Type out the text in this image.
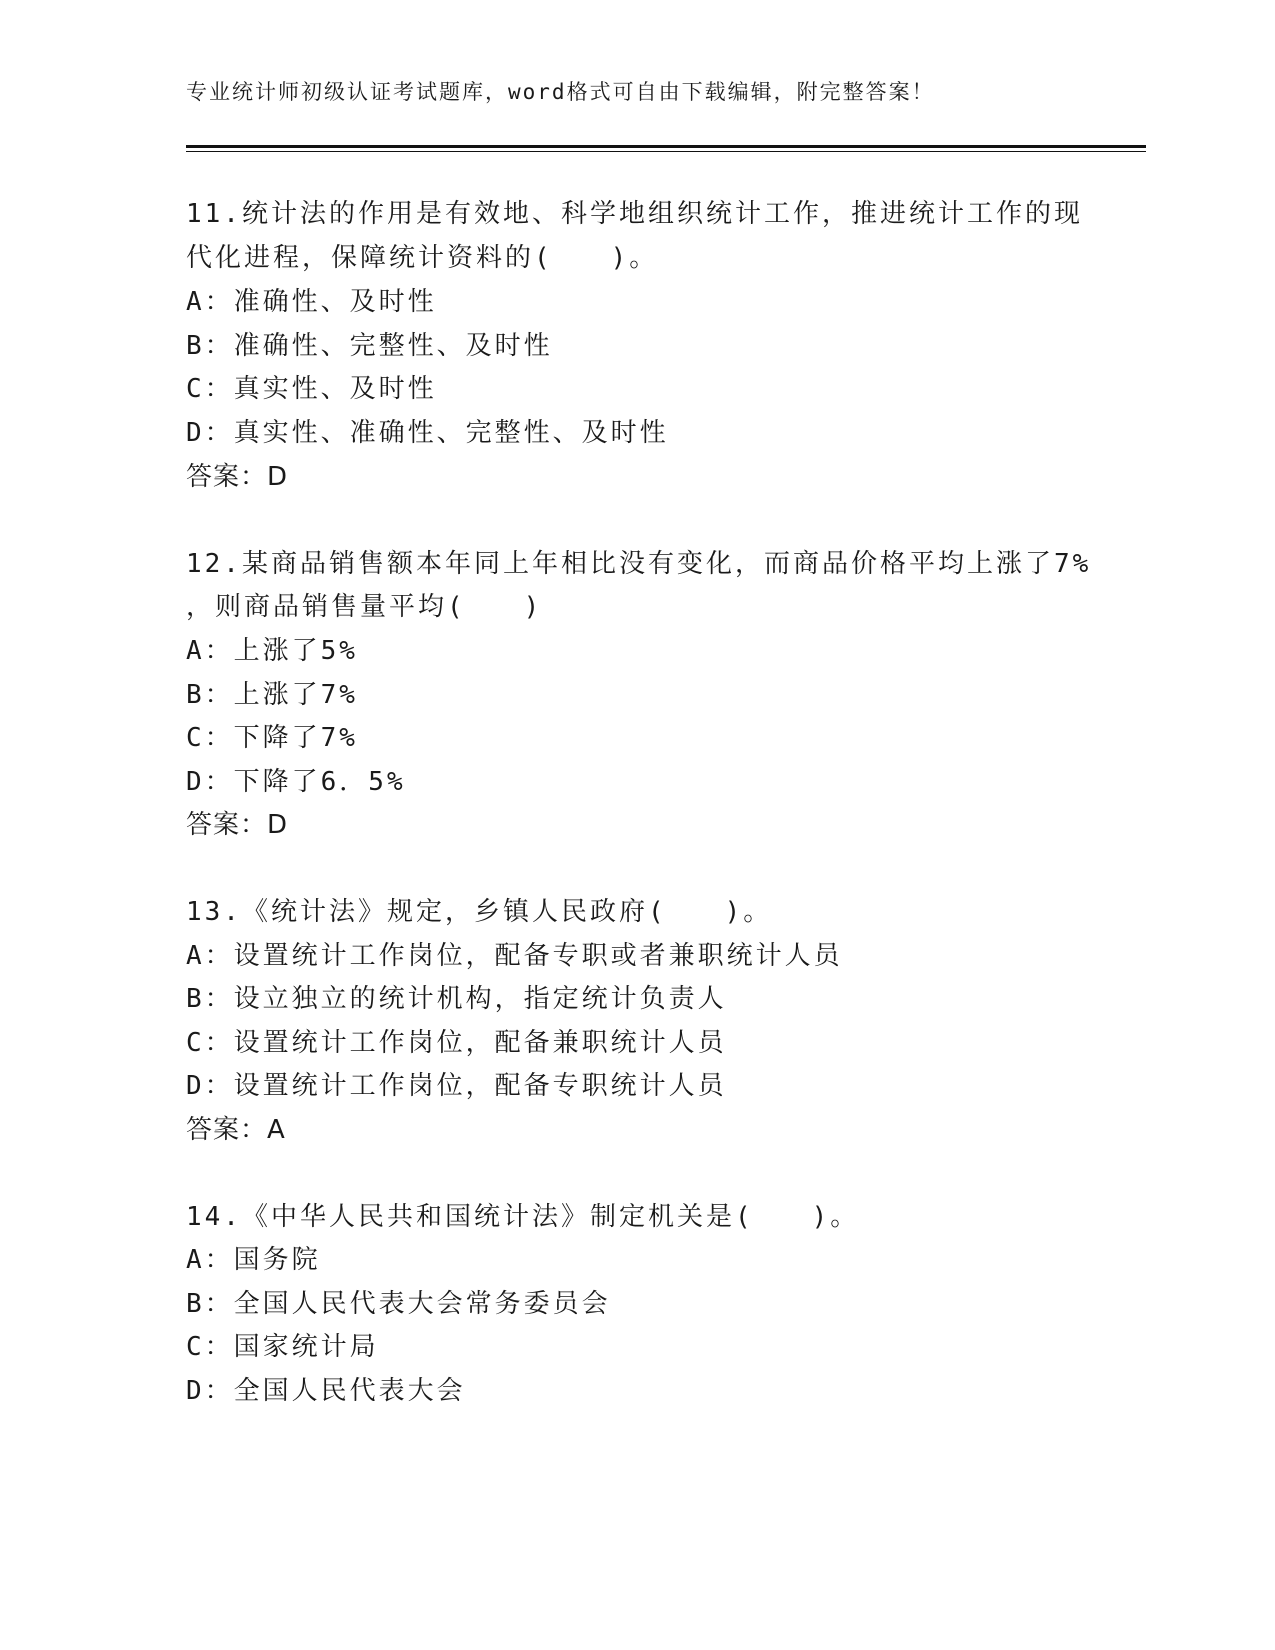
专业统计师初级认证考试题库，word格式可自由下载编辑，附完整答案！
11.统计法的作用是有效地、科学地组织统计工作，推进统计工作的现
代化进程，保障统计资料的(　　)。
A：准确性、及时性
B：准确性、完整性、及时性
C：真实性、及时性
D：真实性、准确性、完整性、及时性
答案：D
12.某商品销售额本年同上年相比没有变化，而商品价格平均上涨了7%
，则商品销售量平均(　　)
A：上涨了5%
B：上涨了7%
C：下降了7%
D：下降了6．5%
答案：D
13.《统计法》规定，乡镇人民政府(　　)。
A：设置统计工作岗位，配备专职或者兼职统计人员
B：设立独立的统计机构，指定统计负责人
C：设置统计工作岗位，配备兼职统计人员
D：设置统计工作岗位，配备专职统计人员
答案：A
14.《中华人民共和国统计法》制定机关是(　　)。
A：国务院
B：全国人民代表大会常务委员会
C：国家统计局
D：全国人民代表大会
